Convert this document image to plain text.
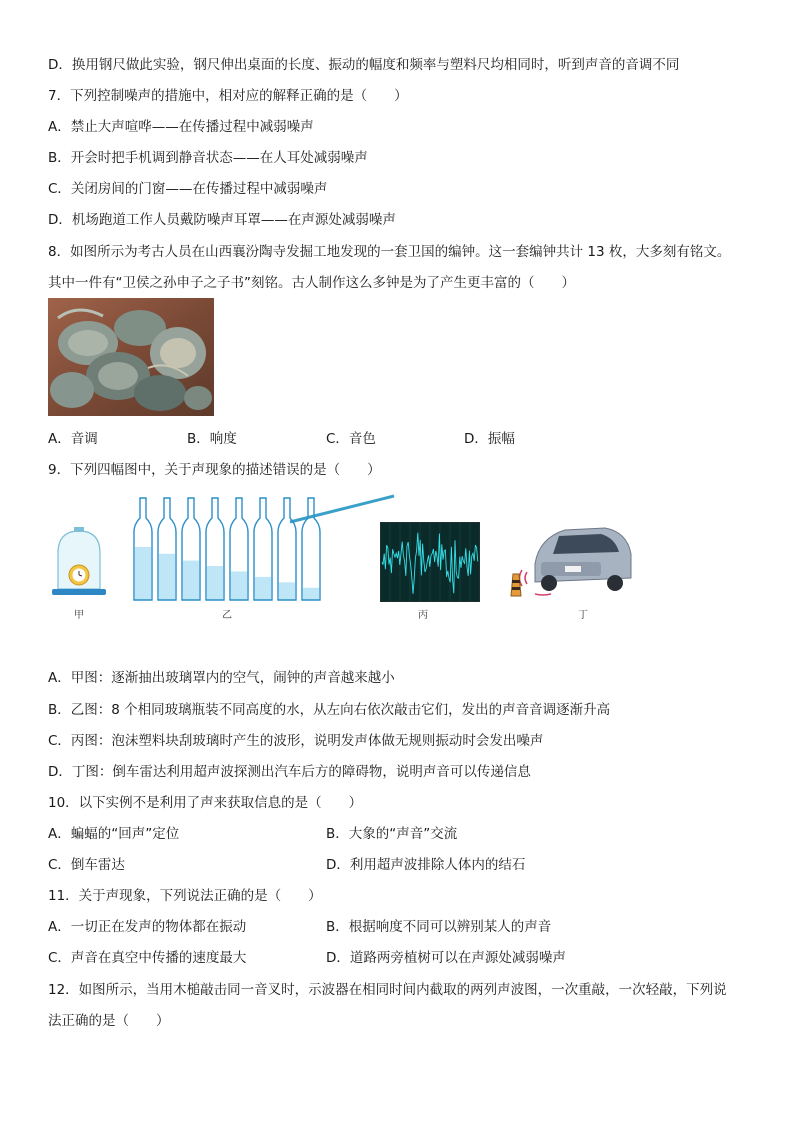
D．换用钢尺做此实验，钢尺伸出桌面的长度、振动的幅度和频率与塑料尺均相同时，听到声音的音调不同
7．下列控制噪声的措施中，相对应的解释正确的是（　　）
A．禁止大声喧哗——在传播过程中减弱噪声
B．开会时把手机调到静音状态——在人耳处减弱噪声
C．关闭房间的门窗——在传播过程中减弱噪声
D．机场跑道工作人员戴防噪声耳罩——在声源处减弱噪声
8．如图所示为考古人员在山西襄汾陶寺发掘工地发现的一套卫国的编钟。这一套编钟共计 13 枚，大多刻有铭文。
其中一件有“卫侯之孙申子之子书”刻铭。古人制作这么多钟是为了产生更丰富的（　　）
A．音调	B．响度	C．音色	D．振幅
9．下列四幅图中，关于声现象的描述错误的是（　　）
甲	乙	丙	丁
A．甲图：逐渐抽出玻璃罩内的空气，闹钟的声音越来越小
B．乙图：8 个相同玻璃瓶装不同高度的水，从左向右依次敲击它们，发出的声音音调逐渐升高
C．丙图：泡沫塑料块刮玻璃时产生的波形，说明发声体做无规则振动时会发出噪声
D．丁图：倒车雷达利用超声波探测出汽车后方的障碍物，说明声音可以传递信息
10．以下实例不是利用了声来获取信息的是（　　）
A．蝙蝠的“回声”定位	B．大象的“声音”交流
C．倒车雷达	D．利用超声波排除人体内的结石
11．关于声现象，下列说法正确的是（　　）
A．一切正在发声的物体都在振动	B．根据响度不同可以辨别某人的声音
C．声音在真空中传播的速度最大	D．道路两旁植树可以在声源处减弱噪声
12．如图所示，当用木槌敲击同一音叉时，示波器在相同时间内截取的两列声波图，一次重敲，一次轻敲，下列说
法正确的是（　　）
